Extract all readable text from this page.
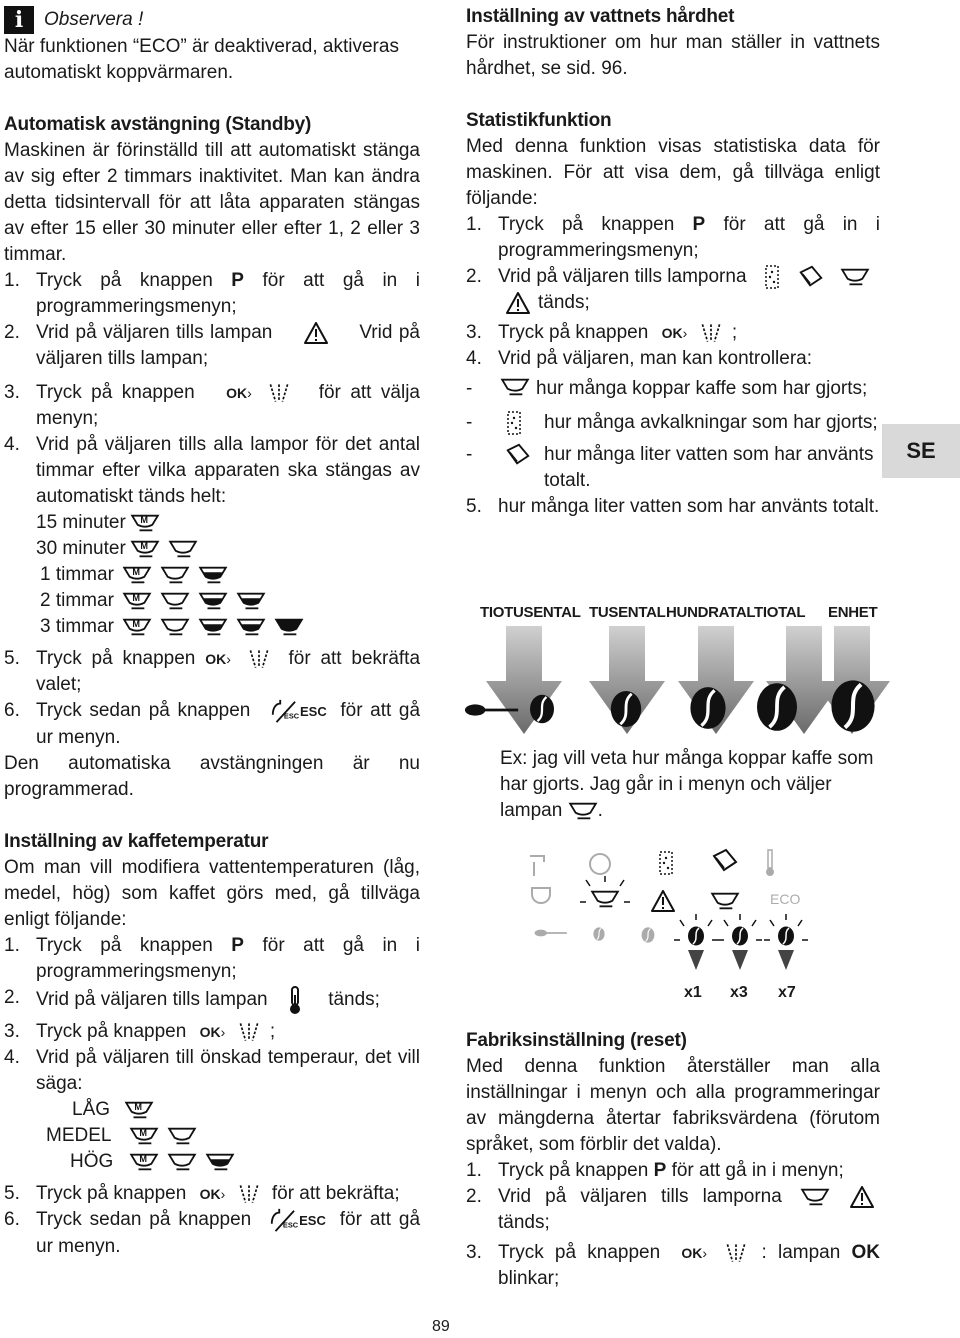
i	Observera !

När funktionen “ECO” är deaktiverad, aktiveras

automatiskt koppvärmaren.

Automatisk avstängning (Standby)

Maskinen är förinställd till att automatiskt stänga av sig efter 2 timmars inaktivitet. Man kan ändra detta tidsintervall för att låta apparaten stängas av efter 15 eller 30 minuter eller efter 1, 2 eller 3 timmar.

1. Tryck på knappen P för att gå in i programmeringsmenyn;
2. Vrid på väljaren tills lampan	Vrid på väljaren tills lampan;
3. Tryck på knappen OK›	för att välja menyn;
4. Vrid på väljaren tills alla lampor för det antal timmar efter vilka apparaten ska stängas av automatiskt tänds helt:
15 minuter
30 minuter
1 timmar
2 timmar
3 timmar
5. Tryck på knappen OK›	för att bekräfta valet;
6. Tryck sedan på knappen	ESC för att gå ur menyn.

Den automatiska avstängningen är nu programmerad.

Inställning av kaffetemperatur

Om man vill modifiera vattentemperaturen (låg, medel, hög) som kaffet görs med, gå tillväga enligt följande:

1. Tryck på knappen P för att gå in i programmeringsmenyn;
2. Vrid på väljaren tills lampan	tänds;
3. Tryck på knappen OK› ;
4. Vrid på väljaren till önskad temperaur, det vill säga:
LÅG
MEDEL
HÖG
5. Tryck på knappen OK› för att bekräfta;
6. Tryck sedan på knappen	ESC för att gå ur menyn.

Inställning av vattnets hårdhet

För instruktioner om hur man ställer in vattnets hårdhet, se sid. 96.

Statistikfunktion

Med denna funktion visas statistiska data för maskinen. För att visa dem, gå tillväga enligt följande:

1. Tryck på knappen P för att gå in i programmeringsmenyn;
2. Vrid på väljaren tills lamporna
tänds;
3. Tryck på knappen OK› ;
4. Vrid på väljaren, man kan kontrollera:
-	hur många koppar kaffe som har gjorts;
-	hur många avkalkningar som har gjorts;
-	hur många liter vatten som har använts totalt.
5. hur många liter vatten som har använts totalt.
TIOTUSENTAL TUSENTAL HUNDRATAL
TIOTAL ENHET
Ex: jag vill veta hur många koppar kaffe som har gjorts. Jag går in i menyn och väljer lampan .
ECO
x1 x3 x7

Fabriksinställning (reset)

Med denna funktion återställer man alla inställningar i menyn och alla programmeringar av mängderna återtar fabriksvärdena (förutom språket, som förblir det valda).

1. Tryck på knappen P för att gå in i menyn;
2. Vrid på väljaren tills lamporna   tänds;
3. Tryck på knappen OK›	: lampan OK blinkar;
SE
89
